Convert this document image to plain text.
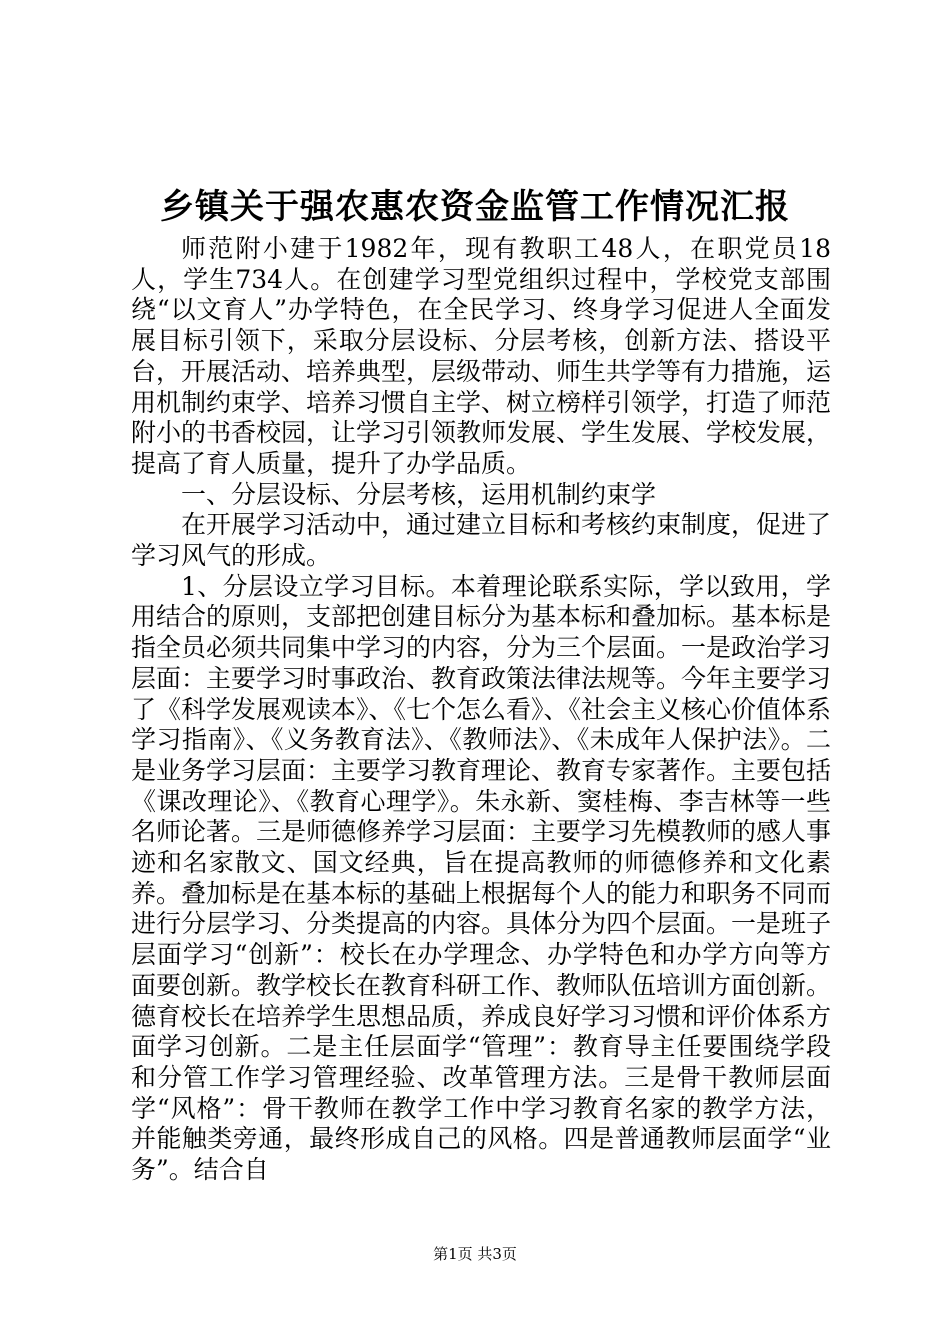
乡镇关于强农惠农资金监管工作情况汇报

师范附小建于1982年，现有教职工48人，在职党员18人，学生734人。在创建学习型党组织过程中，学校党支部围绕“以文育人”办学特色，在全民学习、终身学习促进人全面发展目标引领下，采取分层设标、分层考核，创新方法、搭设平台，开展活动、培养典型，层级带动、师生共学等有力措施，运用机制约束学、培养习惯自主学、树立榜样引领学，打造了师范附小的书香校园，让学习引领教师发展、学生发展、学校发展，提高了育人质量，提升了办学品质。

一、分层设标、分层考核，运用机制约束学

在开展学习活动中，通过建立目标和考核约束制度，促进了学习风气的形成。

1、分层设立学习目标。本着理论联系实际，学以致用，学用结合的原则，支部把创建目标分为基本标和叠加标。基本标是指全员必须共同集中学习的内容，分为三个层面。一是政治学习层面：主要学习时事政治、教育政策法律法规等。今年主要学习了《科学发展观读本》、《七个怎么看》、《社会主义核心价值体系学习指南》、《义务教育法》、《教师法》、《未成年人保护法》。二是业务学习层面：主要学习教育理论、教育专家著作。主要包括《课改理论》、《教育心理学》。朱永新、窦桂梅、李吉林等一些名师论著。三是师德修养学习层面：主要学习先模教师的感人事迹和名家散文、国文经典，旨在提高教师的师德修养和文化素养。叠加标是在基本标的基础上根据每个人的能力和职务不同而进行分层学习、分类提高的内容。具体分为四个层面。一是班子层面学习“创新”：校长在办学理念、办学特色和办学方向等方面要创新。教学校长在教育科研工作、教师队伍培训方面创新。德育校长在培养学生思想品质，养成良好学习习惯和评价体系方面学习创新。二是主任层面学“管理”：教育导主任要围绕学段和分管工作学习管理经验、改革管理方法。三是骨干教师层面学“风格”：骨干教师在教学工作中学习教育名家的教学方法，并能触类旁通，最终形成自己的风格。四是普通教师层面学“业务”。结合自

第1页 共3页
